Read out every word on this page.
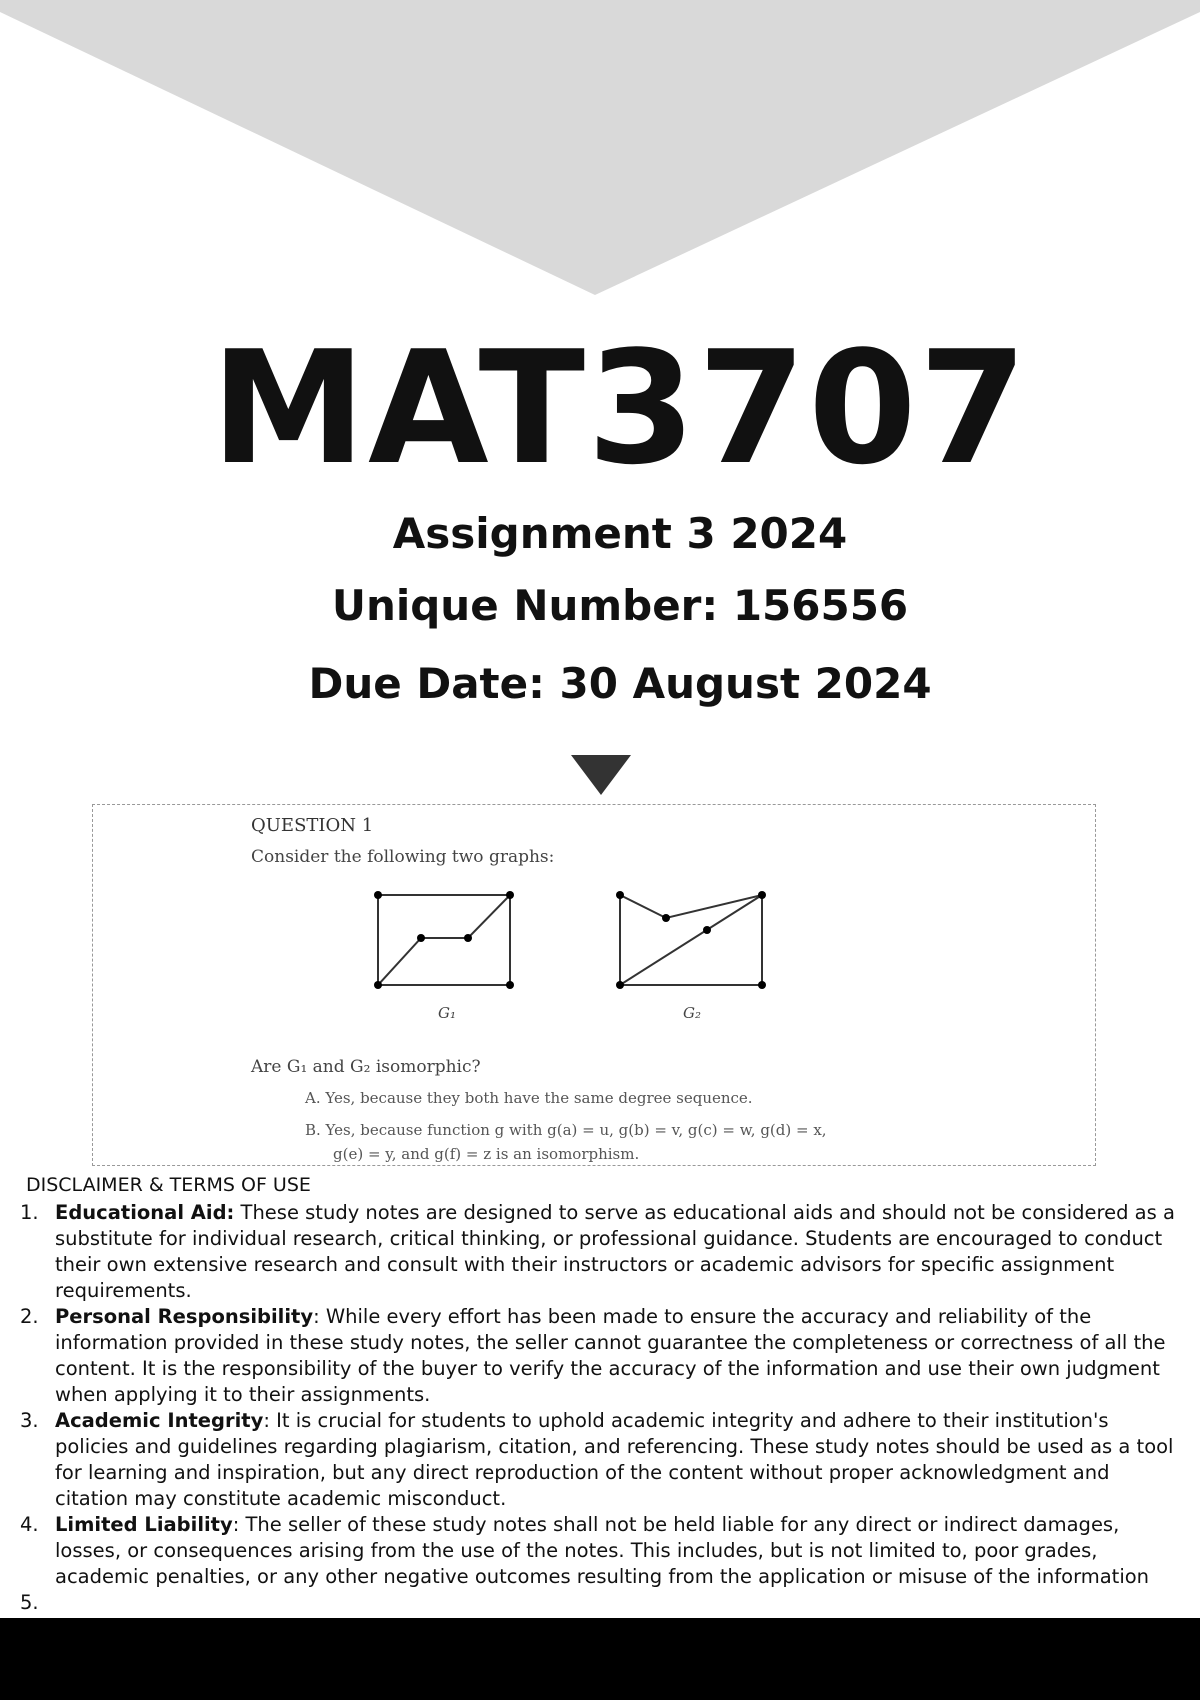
MAT3707
Assignment 3 2024
Unique Number: 156556
Due Date: 30 August 2024
QUESTION 1
Consider the following two graphs:
G₁	G₂
Are G₁ and G₂ isomorphic?
A. Yes, because they both have the same degree sequence.
B. Yes, because function g with g(a) = u, g(b) = v, g(c) = w, g(d) = x,
g(e) = y, and g(f) = z is an isomorphism.
DISCLAIMER & TERMS OF USE
1. Educational Aid: These study notes are designed to serve as educational aids and should not be considered as a substitute for individual research, critical thinking, or professional guidance. Students are encouraged to conduct their own extensive research and consult with their instructors or academic advisors for specific assignment requirements.
2. Personal Responsibility: While every effort has been made to ensure the accuracy and reliability of the information provided in these study notes, the seller cannot guarantee the completeness or correctness of all the content. It is the responsibility of the buyer to verify the accuracy of the information and use their own judgment when applying it to their assignments.
3. Academic Integrity: It is crucial for students to uphold academic integrity and adhere to their institution's policies and guidelines regarding plagiarism, citation, and referencing. These study notes should be used as a tool for learning and inspiration, but any direct reproduction of the content without proper acknowledgment and citation may constitute academic misconduct.
4. Limited Liability: The seller of these study notes shall not be held liable for any direct or indirect damages, losses, or consequences arising from the use of the notes. This includes, but is not limited to, poor grades, academic penalties, or any other negative outcomes resulting from the application or misuse of the information
5.
